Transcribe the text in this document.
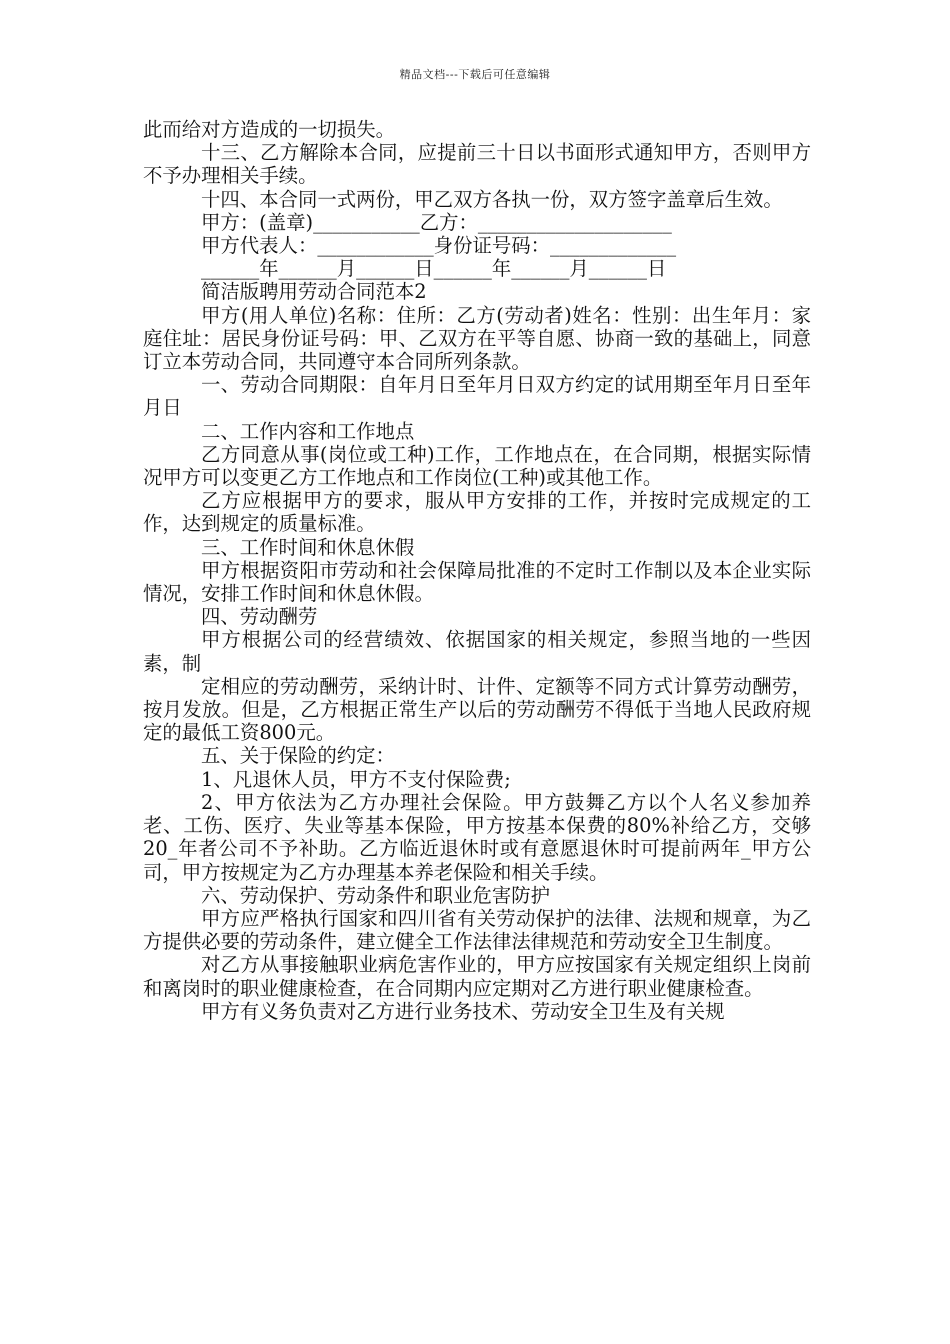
精品文档---下载后可任意编辑

此而给对方造成的一切损失。

十三、乙方解除本合同，应提前三十日以书面形式通知甲方，否则甲方不予办理相关手续。

十四、本合同一式两份，甲乙双方各执一份，双方签字盖章后生效。

甲方：(盖章)___________乙方：____________________

甲方代表人：____________身份证号码：_____________

______年______月______日______年______月______日

简洁版聘用劳动合同范本2

甲方(用人单位)名称：住所：乙方(劳动者)姓名：性别：出生年月：家庭住址：居民身份证号码：甲、乙双方在平等自愿、协商一致的基础上，同意订立本劳动合同，共同遵守本合同所列条款。

一、劳动合同期限：自年月日至年月日双方约定的试用期至年月日至年月日

二、工作内容和工作地点

乙方同意从事(岗位或工种)工作，工作地点在，在合同期，根据实际情况甲方可以变更乙方工作地点和工作岗位(工种)或其他工作。

乙方应根据甲方的要求，服从甲方安排的工作，并按时完成规定的工作，达到规定的质量标准。

三、工作时间和休息休假

甲方根据资阳市劳动和社会保障局批准的不定时工作制以及本企业实际情况，安排工作时间和休息休假。

四、劳动酬劳

甲方根据公司的经营绩效、依据国家的相关规定，参照当地的一些因素，制

定相应的劳动酬劳，采纳计时、计件、定额等不同方式计算劳动酬劳，按月发放。但是，乙方根据正常生产以后的劳动酬劳不得低于当地人民政府规定的最低工资800元。

五、关于保险的约定：

1、凡退休人员，甲方不支付保险费;

2、甲方依法为乙方办理社会保险。甲方鼓舞乙方以个人名义参加养老、工伤、医疗、失业等基本保险，甲方按基本保费的80%补给乙方，交够20_年者公司不予补助。乙方临近退休时或有意愿退休时可提前两年_甲方公司，甲方按规定为乙方办理基本养老保险和相关手续。

六、劳动保护、劳动条件和职业危害防护

甲方应严格执行国家和四川省有关劳动保护的法律、法规和规章，为乙方提供必要的劳动条件，建立健全工作法律法律规范和劳动安全卫生制度。

对乙方从事接触职业病危害作业的，甲方应按国家有关规定组织上岗前和离岗时的职业健康检查，在合同期内应定期对乙方进行职业健康检查。

甲方有义务负责对乙方进行业务技术、劳动安全卫生及有关规
